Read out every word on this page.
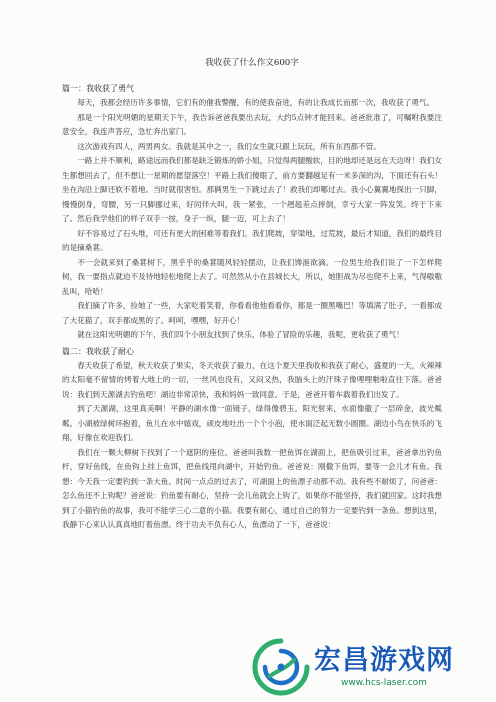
我收获了什么作文600字
篇一：我收获了勇气

每天，我都会经历许多事情，它们有的催我警醒，有的使我奋进，有的让我成长而那一次，我收获了勇气。

那是一个阳光明媚的星期天下午，我告诉爸爸我要出去玩，大约5点钟才能回来。爸爸批准了，可嘱咐我要注意安全，我连声答应，急忙奔出家门。

这次游戏有四人，两男两女。我就是其中之一，我们女生就只跟上玩玩，所有东西都不管。

一路上并不顺利，路途远而我们都是缺乏锻炼的娇小姐，只觉得两腿酸软，目的地却还是远在天边呀！我们女生都想回去了，但不想让一星期的愿望落空！平路上我们傻眼了，前方要翻越足有一米多深的沟，下面还有石头！坐在沟沿上脚还软不着地。当时就很害怕。那俩男生一下跳过去了！救我们却哪过去。我小心翼翼地探出一只脚，慢慢倒身，弯腰，另一只脚挪过来，好同伴大叫，我一紧张，一个趔趄差点摔倒，幸亏大家一阵发笑。终于下来了。然后我学他们的样子双手一按，身子一纵，腿一迈，可上去了！

好不容易过了石头堆，可还有更大的困难等着我们。我们爬坡，穿梁地，过荒坡，最后才知道，我们的最终目的是摘桑葚。

不一会就来到了桑葚树下，黑乎乎的桑葚随风轻轻摆动，让我们馋涎欲滴。一位男生给我们说了一下怎样爬树，我一要指点就迫不及待地轻松地爬上去了。可然然从小在县城长大，所以，她胆战为尽也爬不上来，气得嗷嗷乱叫，哈哈！

我们摘了许多，捡她了一些，大家吃着笑着，你看看他他看看你，都是一圈黑嘴巴！等填满了肚子，一看都成了大花猫了，双手都成黑的了。呵呵，嘿嘿，好开心！

就在这阳光明媚的下午，我们四个小朋友找到了快乐，体验了冒险的乐趣，我呢，更收获了勇气！

篇二：我收获了耐心

春天收获了希望，秋天收获了果实，冬天收获了毅力，在这个夏天里我收和我获了耐心，盛夏的一天，火辣辣的太阳毫不留情的烤着大地上的一切，一丝风也没有，又闷又热，我脑头上的汗珠子像哩哩啪啦直往下落。爸爸说：我们到天源湖去钓鱼吧！湖边非常凉快，我和妈妈一致同意。于是，爸爸开着车载着我们出发了。

到了天源湖，这里真美啊！平静的湖水像一面镜子，绿得像碧玉。阳光射来，水面像撒了一层碎金，波光粼粼。小湖被绿树环抱着，鱼儿在水中嬉戏，顽皮地吐出一个个小泡，使水面泛起无数小圆圈。湖边小鸟在快乐的飞翔，好像在欢迎我们。

我们在一颗大柳树下找到了一个遮阴的座位。爸爸叫我数一把鱼饵在湖面上，把鱼吸引过来，爸爸拿出钓鱼杆，穿好鱼线，在鱼钩上挂上鱼饵，把鱼线甩向湖中，开始钓鱼。爸爸说：刚撒下鱼饵，要等一会儿才有鱼。我想：今天我一定要钓到一条大鱼。时间一点点的过去了，可湖面上的鱼漂子动都不动。我有些不耐烦了，问爸爸：怎么鱼还不上钩呢？爸爸说：钓鱼要有耐心，坚持一会儿鱼就会上钩了，如果你不能坚持，我们就回家。这时我想到了小猫钓鱼的故事，我可不能学三心二意的小猫。我要有耐心，通过自己的努力一定要钓到一条鱼。想到这里，我静下心来认认真真地盯着鱼漂。终于功夫不负有心人，鱼漂动了一下，爸爸说：

宏昌游戏网
www.hcs-laser.com
